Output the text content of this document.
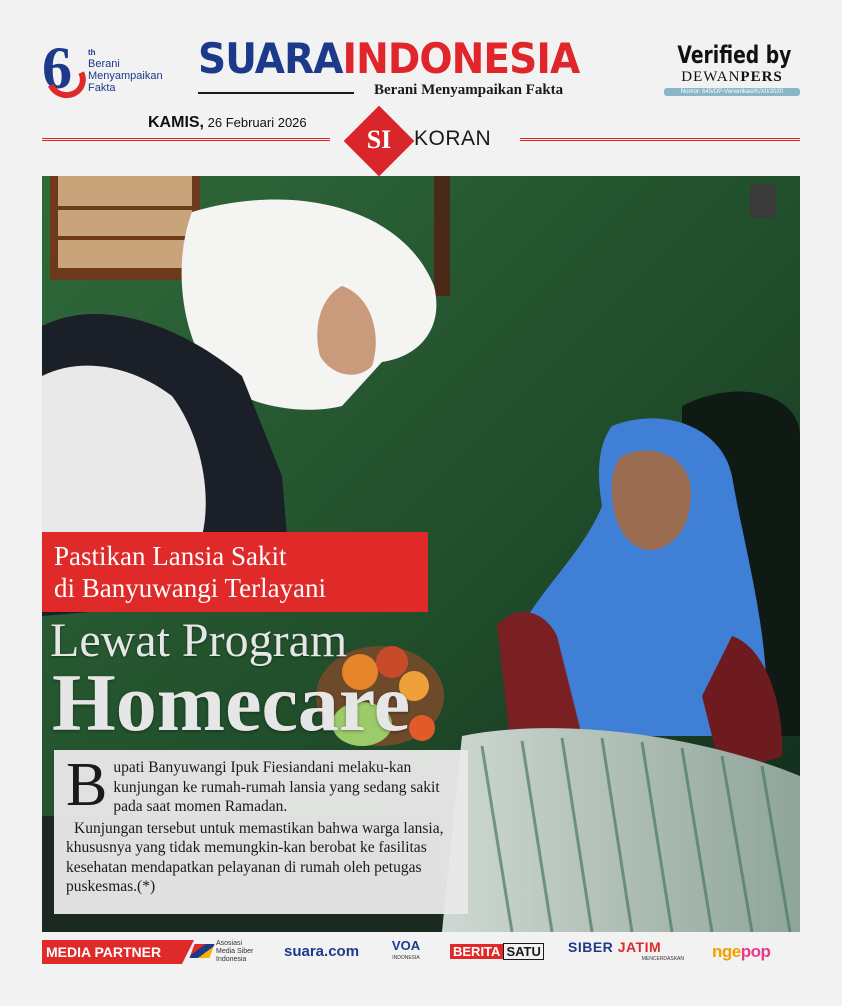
6 th
Berani
Menyampaikan
Fakta
SUARAINDONESIA
Berani Menyampaikan Fakta
Verified by
DEWANPERS
Nomor: 645/DP-Ververikasi/K/XII/2020
KAMIS, 26 Februari 2026
SI	KORAN
Pastikan Lansia Sakit
di Banyuwangi Terlayani
Lewat Program
Homecare
B upati Banyuwangi Ipuk Fiesiandani melaku-kan kunjungan ke rumah-rumah lansia yang sedang sakit pada saat momen Ramadan.

Kunjungan tersebut untuk memastikan bahwa warga lansia, khususnya yang tidak memungkin-kan berobat ke fasilitas kesehatan mendapatkan pelayanan di rumah oleh petugas puskesmas.(*)

MEDIA PARTNER
Asosiasi
Media Siber
Indonesia	suara.com	VOA
INDONESIA	BERITA SATU SIBER JATIM
MENCERDASKAN	ngepop
